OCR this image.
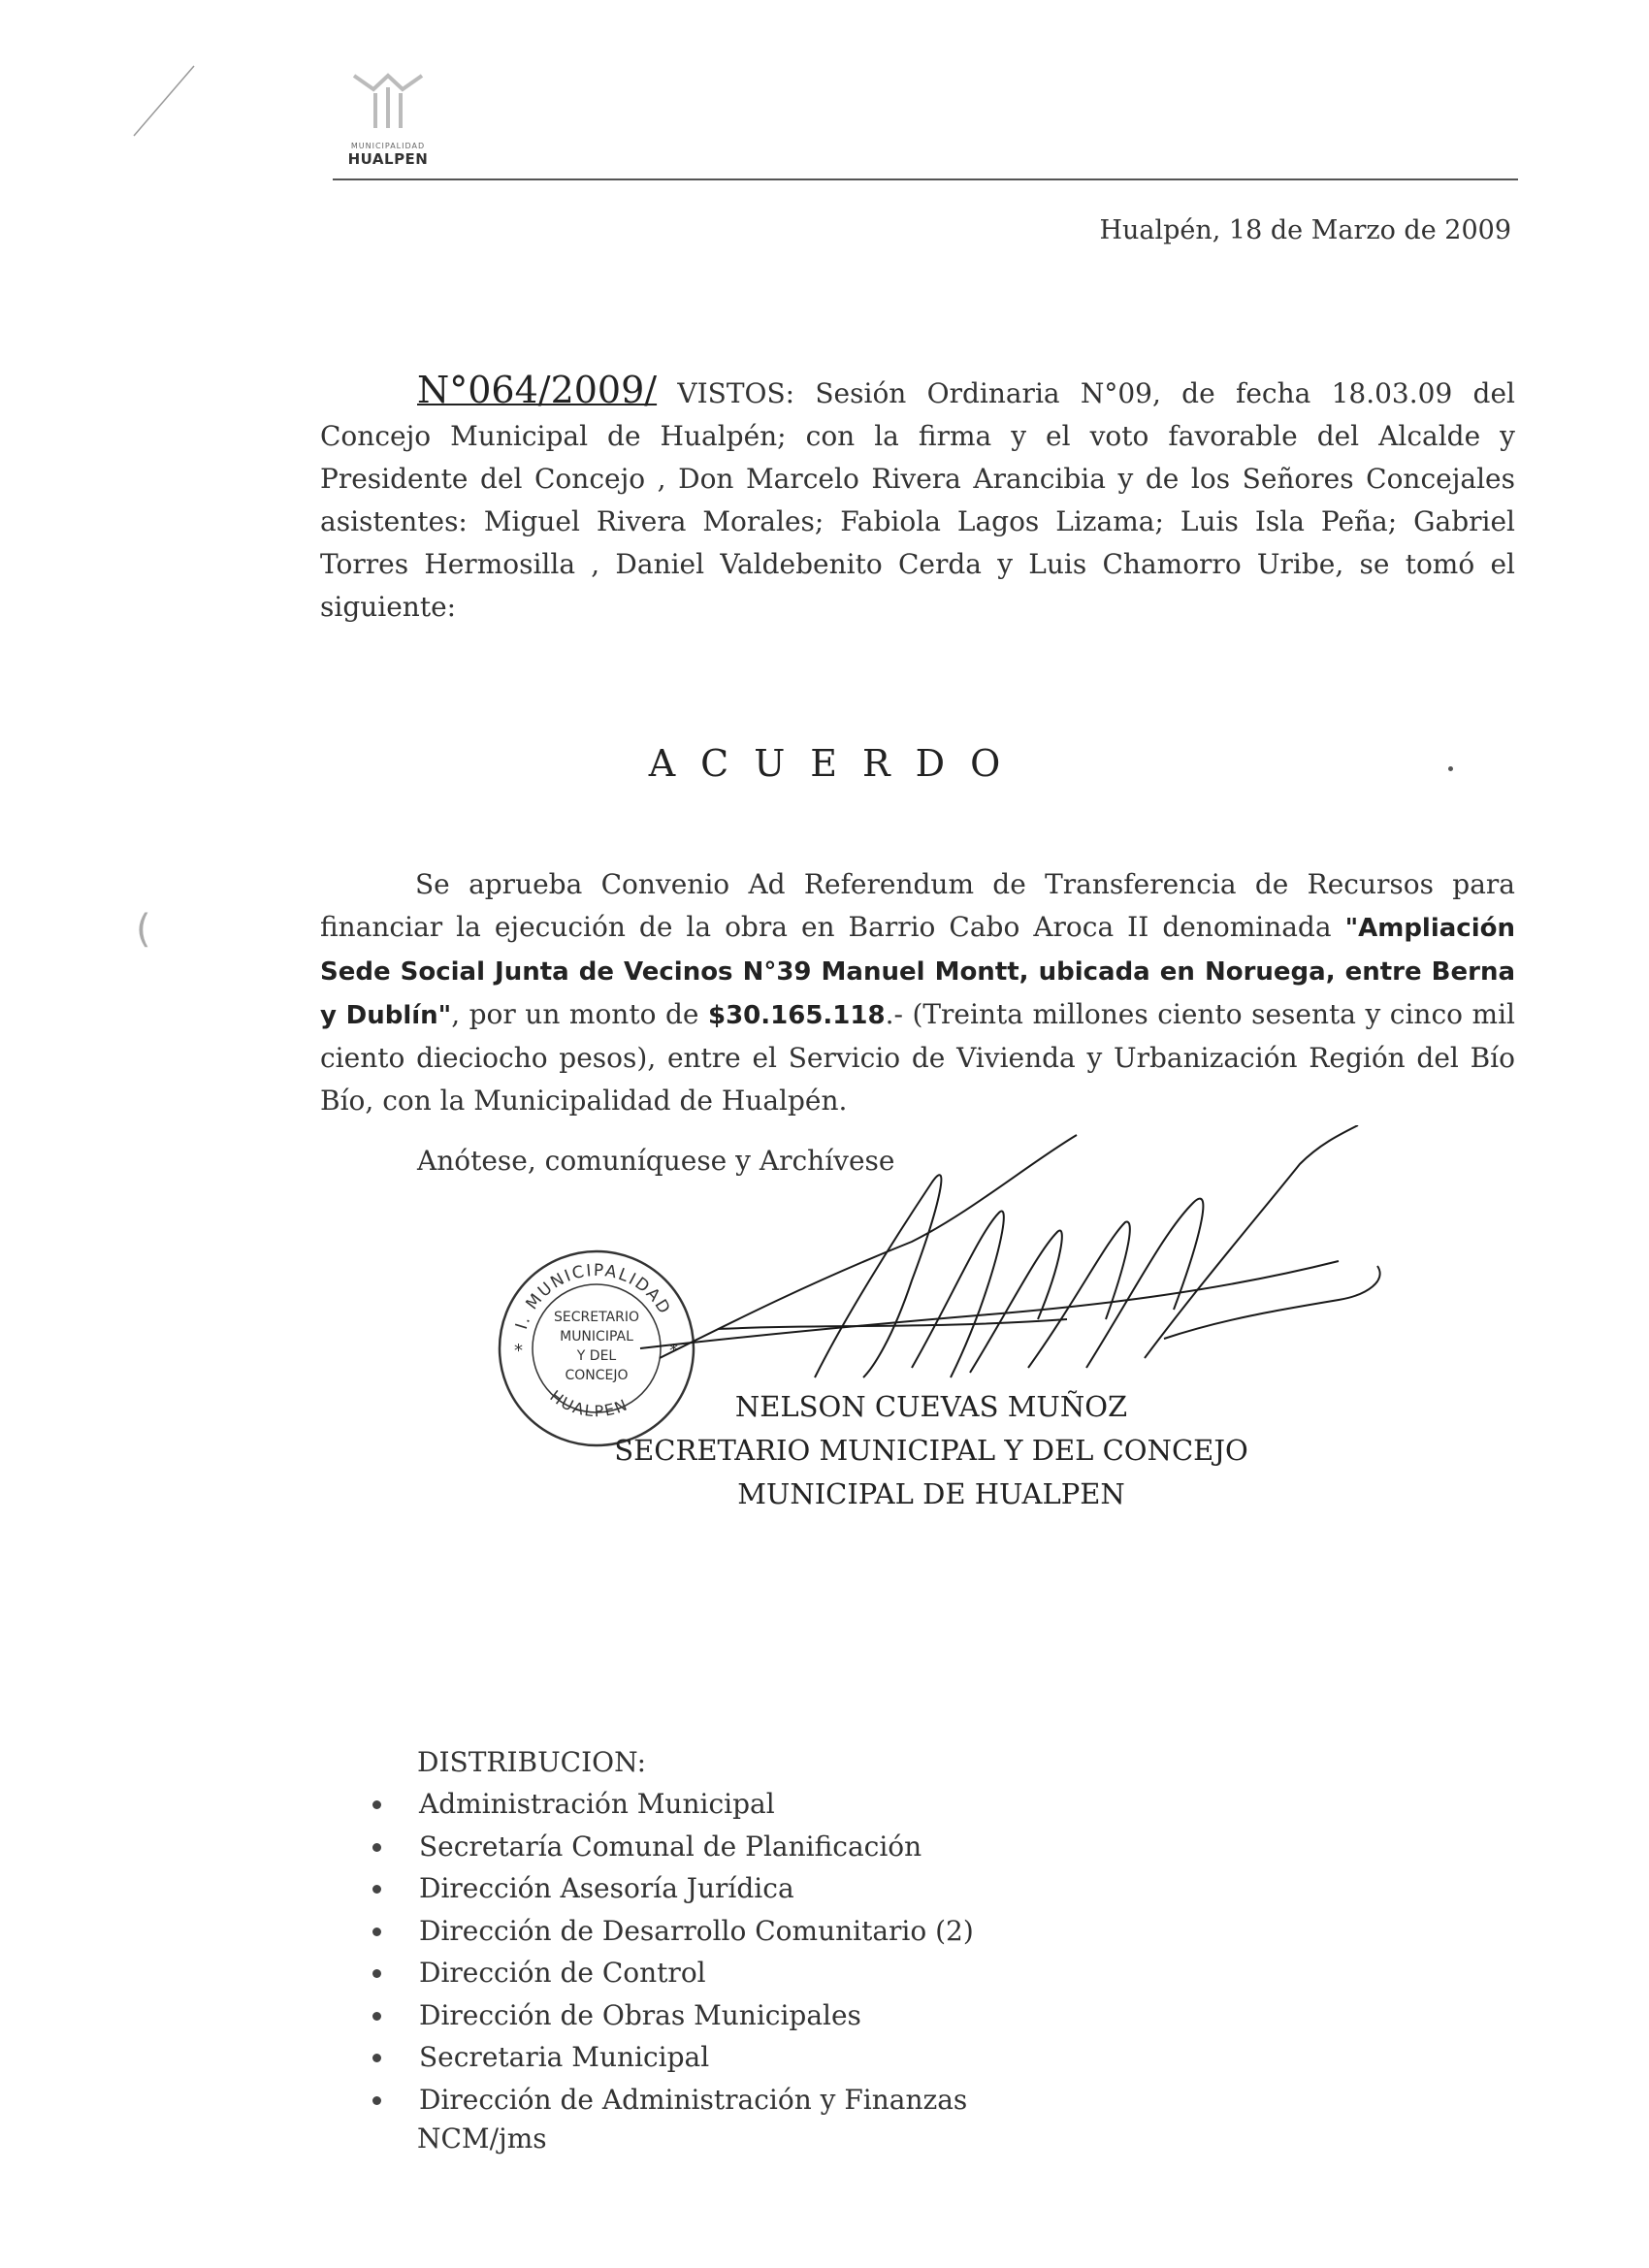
(
MUNICIPALIDAD
HUALPEN
Hualpén, 18 de Marzo de 2009
N°064/2009/ VISTOS: Sesión Ordinaria N°09, de fecha 18.03.09 del Concejo Municipal de Hualpén; con la firma y el voto favorable del Alcalde y Presidente del Concejo , Don Marcelo Rivera Arancibia y de los Señores Concejales asistentes: Miguel Rivera Morales; Fabiola Lagos Lizama; Luis Isla Peña; Gabriel Torres Hermosilla , Daniel Valdebenito Cerda y Luis Chamorro Uribe, se tomó el siguiente:
ACUERDO
Se aprueba Convenio Ad Referendum de Transferencia de Recursos para financiar la ejecución de la obra en Barrio Cabo Aroca II denominada "Ampliación Sede Social Junta de Vecinos N°39 Manuel Montt, ubicada en Noruega, entre Berna y Dublín", por un monto de $30.165.118.- (Treinta millones ciento sesenta y cinco mil ciento dieciocho pesos), entre el Servicio de Vivienda y Urbanización Región del Bío Bío, con la Municipalidad de Hualpén.
Anótese, comuníquese y Archívese
I. MUNICIPALIDAD
HUALPEN
*	*
SECRETARIO
MUNICIPAL
Y DEL
CONCEJO
NELSON CUEVAS MUÑOZ
SECRETARIO MUNICIPAL Y DEL CONCEJO
MUNICIPAL DE HUALPEN
DISTRIBUCION:
Administración Municipal
Secretaría Comunal de Planificación
Dirección Asesoría Jurídica
Dirección de Desarrollo Comunitario (2)
Dirección de Control
Dirección de Obras Municipales
Secretaria Municipal
Dirección de Administración y Finanzas
NCM/jms
